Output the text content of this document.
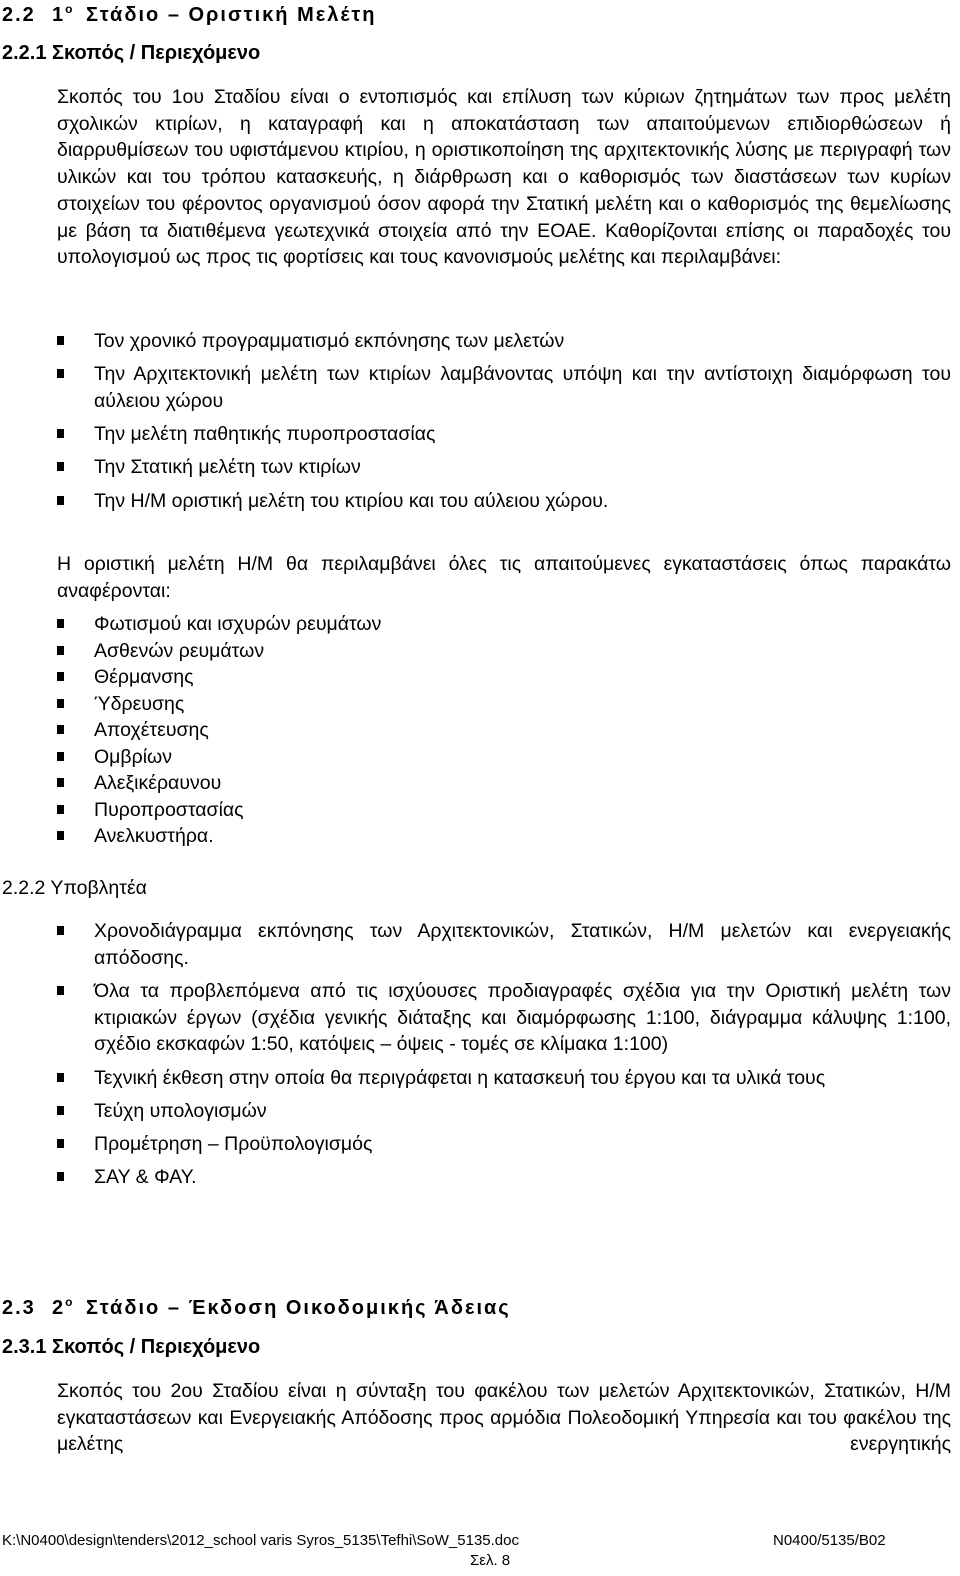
2.2 $1^o$ Στάδιο – Οριστική Μελέτη
2.2.1 Σκοπός / Περιεχόμενο
Σκοπός του 1ου Σταδίου είναι ο εντοπισμός και επίλυση των κύριων ζητημάτων των προς μελέτη σχολικών κτιρίων, η καταγραφή και η αποκατάσταση των απαιτούμενων επιδιορθώσεων ή διαρρυθμίσεων του υφιστάμενου κτιρίου, η οριστικοποίηση της αρχιτεκτονικής λύσης με περιγραφή των υλικών και του τρόπου κατασκευής, η διάρθρωση και ο καθορισμός των διαστάσεων των κυρίων στοιχείων του φέροντος οργανισμού όσον αφορά την Στατική μελέτη και ο καθορισμός της θεμελίωσης με βάση τα διατιθέμενα γεωτεχνικά στοιχεία από την ΕΟΑΕ. Καθορίζονται επίσης οι παραδοχές του υπολογισμού ως προς τις φορτίσεις και τους κανονισμούς μελέτης και περιλαμβάνει:
Τον χρονικό προγραμματισμό εκπόνησης των μελετών
Την Αρχιτεκτονική μελέτη των κτιρίων λαμβάνοντας υπόψη και την αντίστοιχη διαμόρφωση του αύλειου χώρου
Την μελέτη παθητικής πυροπροστασίας
Την Στατική μελέτη των κτιρίων
Την Η/Μ οριστική μελέτη του κτιρίου και του αύλειου χώρου.
Η οριστική μελέτη Η/Μ θα περιλαμβάνει όλες τις απαιτούμενες εγκαταστάσεις όπως παρακάτω αναφέρονται:
Φωτισμού και ισχυρών ρευμάτων
Ασθενών ρευμάτων
Θέρμανσης
Ύδρευσης
Αποχέτευσης
Ομβρίων
Αλεξικέραυνου
Πυροπροστασίας
Ανελκυστήρα.
2.2.2 Υποβλητέα
Χρονοδιάγραμμα εκπόνησης των Αρχιτεκτονικών, Στατικών, Η/Μ μελετών και ενεργειακής απόδοσης.
Όλα τα προβλεπόμενα από τις ισχύουσες προδιαγραφές σχέδια για την Οριστική μελέτη των κτιριακών έργων (σχέδια γενικής διάταξης και διαμόρφωσης 1:100, διάγραμμα κάλυψης 1:100, σχέδιο εκσκαφών 1:50, κατόψεις – όψεις - τομές σε κλίμακα 1:100)
Τεχνική έκθεση στην οποία θα περιγράφεται η κατασκευή του έργου και τα υλικά τους
Τεύχη υπολογισμών
Προμέτρηση – Προϋπολογισμός
ΣΑΥ & ΦΑΥ.
2.3 $2^o$ Στάδιο – Έκδοση Οικοδομικής Άδειας
2.3.1 Σκοπός / Περιεχόμενο
Σκοπός του 2ου Σταδίου είναι η σύνταξη του φακέλου των μελετών Αρχιτεκτονικών, Στατικών, Η/Μ εγκαταστάσεων και Ενεργειακής Απόδοσης προς αρμόδια Πολεοδομική Υπηρεσία και του φακέλου της μελέτης ενεργητικής
K:\N0400\design\tenders\2012_school varis Syros_5135\Tefhi\SoW_5135.doc	N0400/5135/B02
Σελ. 8
